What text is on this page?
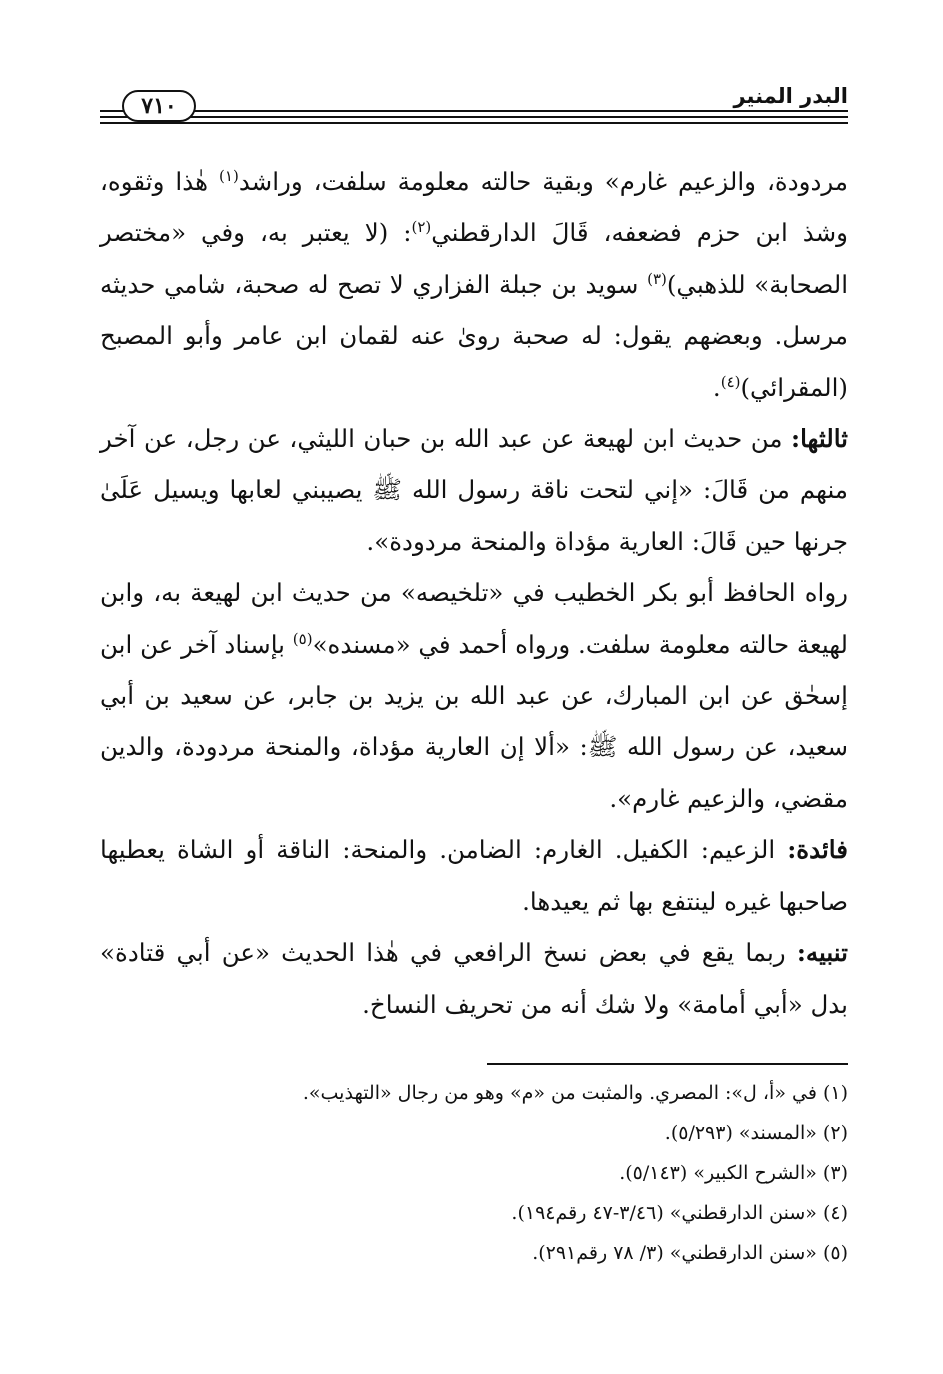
٧١٠	البدر المنير

مردودة، والزعيم غارم» وبقية حالته معلومة سلفت، وراشد$^{(١)}$ هٰذا وثقوه، وشذ ابن حزم فضعفه، قَالَ الدارقطني$^{(٢)}$: (لا يعتبر به، وفي «مختصر الصحابة» للذهبي)$^{(٣)}$ سويد بن جبلة الفزاري لا تصح له صحبة، شامي حديثه مرسل. وبعضهم يقول: له صحبة روىٰ عنه لقمان ابن عامر وأبو المصبح (المقرائي)$^{(٤)}$.

ثالثها: من حديث ابن لهيعة عن عبد الله بن حبان الليثي، عن رجل، عن آخر منهم من قَالَ: «إني لتحت ناقة رسول الله ﷺ يصيبني لعابها ويسيل عَلَىٰ جرنها حين قَالَ: العارية مؤداة والمنحة مردودة».

رواه الحافظ أبو بكر الخطيب في «تلخيصه» من حديث ابن لهيعة به، وابن لهيعة حالته معلومة سلفت. ورواه أحمد في «مسنده»$^{(٥)}$ بإسناد آخر عن ابن إسحٰق عن ابن المبارك، عن عبد الله بن يزيد بن جابر، عن سعيد بن أبي سعيد، عن رسول الله ﷺ: «ألا إن العارية مؤداة، والمنحة مردودة، والدين مقضي، والزعيم غارم».

فائدة: الزعيم: الكفيل. الغارم: الضامن. والمنحة: الناقة أو الشاة يعطيها صاحبها غيره لينتفع بها ثم يعيدها.

تنبيه: ربما يقع في بعض نسخ الرافعي في هٰذا الحديث «عن أبي قتادة» بدل «أبي أمامة» ولا شك أنه من تحريف النساخ.

(١) في «أ، ل»: المصري. والمثبت من «م» وهو من رجال «التهذيب».
(٢) «المسند» (٥/٢٩٣).
(٣) «الشرح الكبير» (٥/١٤٣).
(٤) «سنن الدارقطني» (٣/٤٦-٤٧ رقم١٩٤).
(٥) «سنن الدارقطني» (٣/ ٧٨ رقم٢٩١).
